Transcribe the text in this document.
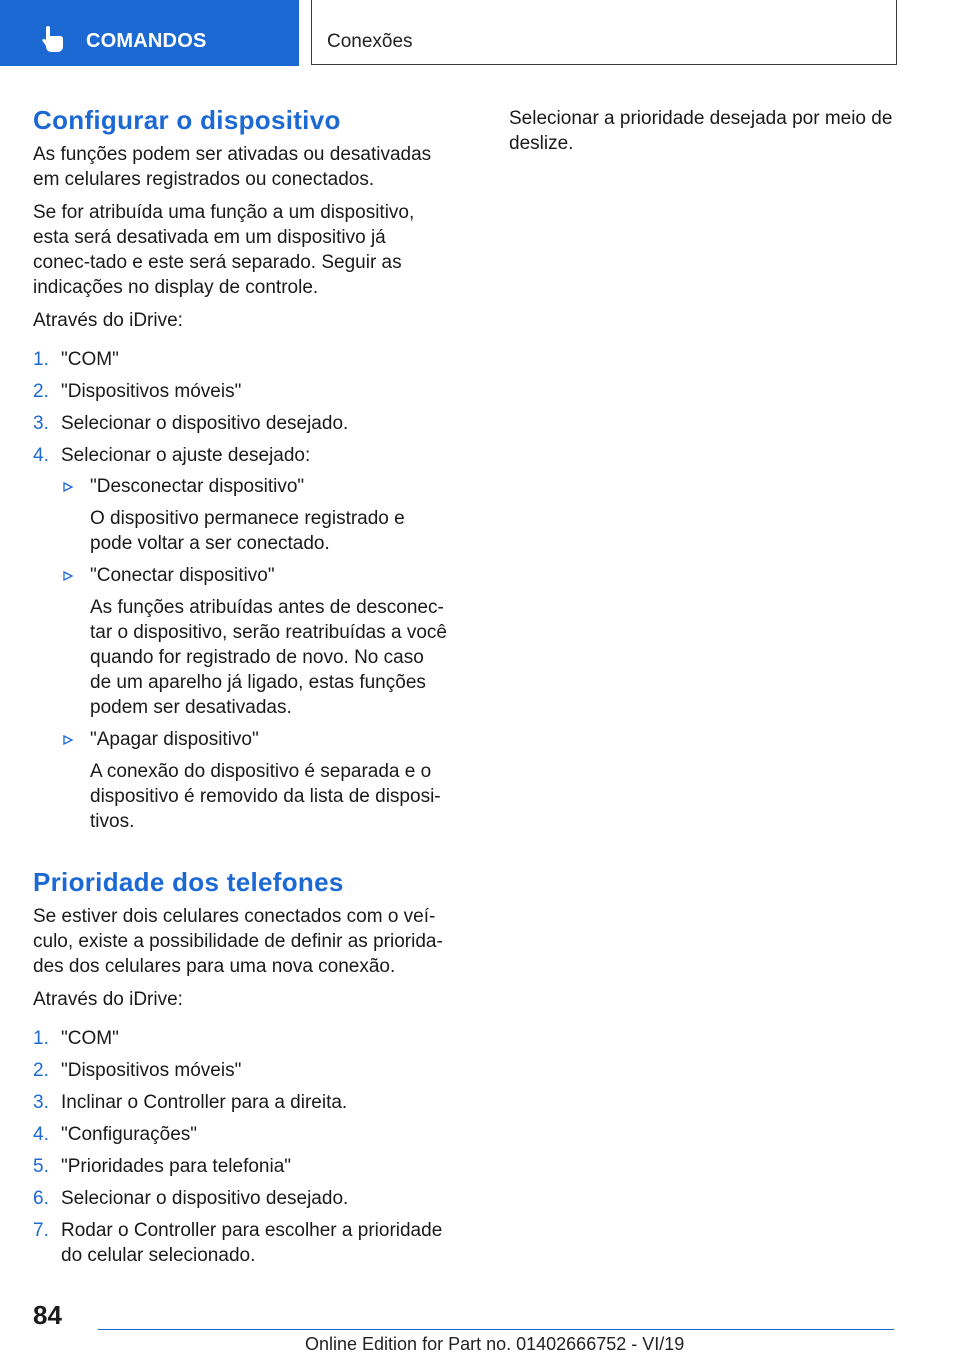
COMANDOS	Conexões
Configurar o dispositivo

As funções podem ser ativadas ou desativadas em celulares registrados ou conectados.

Se for atribuída uma função a um dispositivo, esta será desativada em um dispositivo já conec-tado e este será separado. Seguir as indicações no display de controle.

Através do iDrive:

1. "COM"
2. "Dispositivos móveis"
3. Selecionar o dispositivo desejado.
4. Selecionar o ajuste desejado:
"Desconectar dispositivo"
O dispositivo permanece registrado e pode voltar a ser conectado.
"Conectar dispositivo"
As funções atribuídas antes de desconec-tar o dispositivo, serão reatribuídas a você quando for registrado de novo. No caso de um aparelho já ligado, estas funções podem ser desativadas.
"Apagar dispositivo"
A conexão do dispositivo é separada e o dispositivo é removido da lista de disposi-tivos.
Prioridade dos telefones

Se estiver dois celulares conectados com o veí-culo, existe a possibilidade de definir as priorida-des dos celulares para uma nova conexão.

Através do iDrive:

1. "COM"
2. "Dispositivos móveis"
3. Inclinar o Controller para a direita.
4. "Configurações"
5. "Prioridades para telefonia"
6. Selecionar o dispositivo desejado.
7. Rodar o Controller para escolher a prioridade do celular selecionado.

Selecionar a prioridade desejada por meio de deslize.

84
Online Edition for Part no. 01402666752 - VI/19
